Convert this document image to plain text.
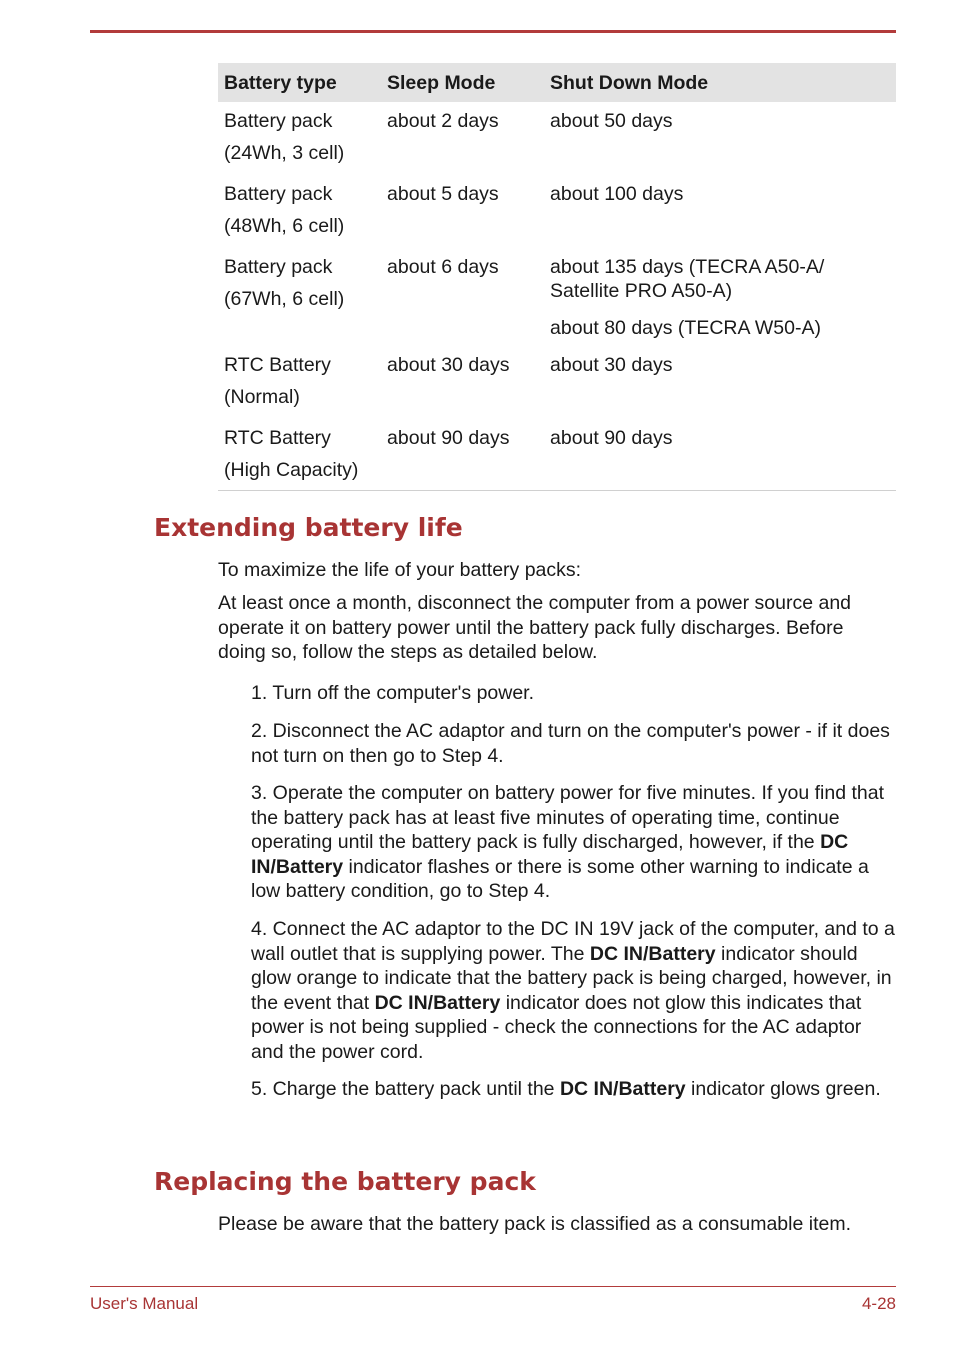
Battery type	Sleep Mode	Shut Down Mode

Battery pack
(24Wh, 3 cell)	about 2 days	about 50 days

Battery pack
(48Wh, 6 cell)	about 5 days	about 100 days

Battery pack
(67Wh, 6 cell)	about 6 days	about 135 days (TECRA A50-A/ Satellite PRO A50-A)
about 80 days (TECRA W50-A)

RTC Battery
(Normal)	about 30 days	about 30 days

RTC Battery
(High Capacity)	about 90 days	about 90 days
Extending battery life

To maximize the life of your battery packs:

At least once a month, disconnect the computer from a power source and operate it on battery power until the battery pack fully discharges. Before doing so, follow the steps as detailed below.

1. Turn off the computer's power.

2. Disconnect the AC adaptor and turn on the computer's power - if it does not turn on then go to Step 4.

3. Operate the computer on battery power for five minutes. If you find that the battery pack has at least five minutes of operating time, continue operating until the battery pack is fully discharged, however, if the DC IN/Battery indicator flashes or there is some other warning to indicate a low battery condition, go to Step 4.

4. Connect the AC adaptor to the DC IN 19V jack of the computer, and to a wall outlet that is supplying power. The DC IN/Battery indicator should glow orange to indicate that the battery pack is being charged, however, in the event that DC IN/Battery indicator does not glow this indicates that power is not being supplied - check the connections for the AC adaptor and the power cord.

5. Charge the battery pack until the DC IN/Battery indicator glows green.

Replacing the battery pack

Please be aware that the battery pack is classified as a consumable item.

User's Manual	4-28
